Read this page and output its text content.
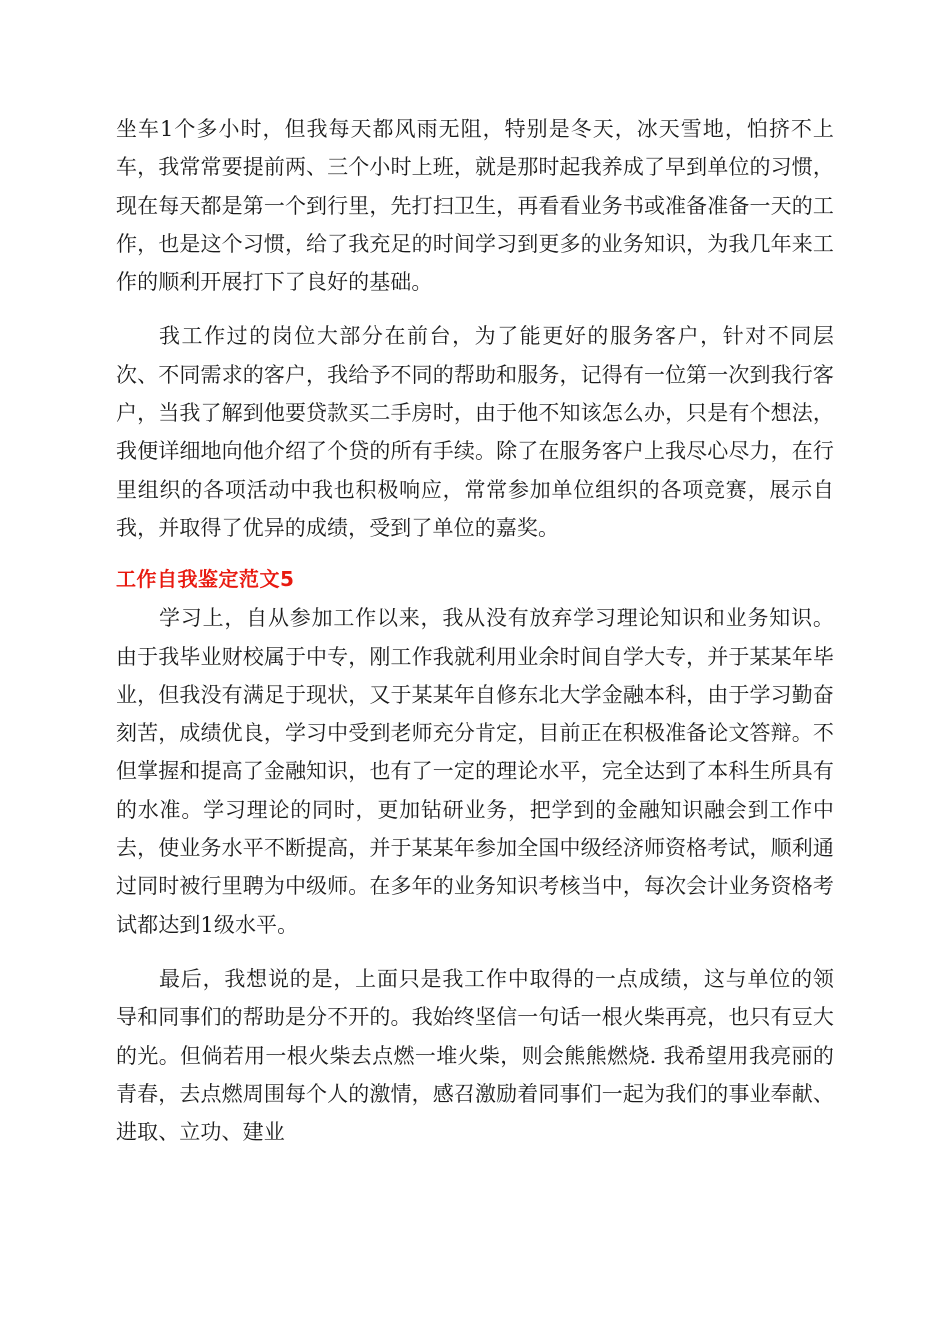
坐车1个多小时，但我每天都风雨无阻，特别是冬天，冰天雪地，怕挤不上车，我常常要提前两、三个小时上班，就是那时起我养成了早到单位的习惯，现在每天都是第一个到行里，先打扫卫生，再看看业务书或准备准备一天的工作，也是这个习惯，给了我充足的时间学习到更多的业务知识，为我几年来工作的顺利开展打下了良好的基础。

我工作过的岗位大部分在前台，为了能更好的服务客户，针对不同层次、不同需求的客户，我给予不同的帮助和服务，记得有一位第一次到我行客户，当我了解到他要贷款买二手房时，由于他不知该怎么办，只是有个想法，我便详细地向他介绍了个贷的所有手续。除了在服务客户上我尽心尽力，在行里组织的各项活动中我也积极响应，常常参加单位组织的各项竞赛，展示自我，并取得了优异的成绩，受到了单位的嘉奖。

工作自我鉴定范文5

学习上，自从参加工作以来，我从没有放弃学习理论知识和业务知识。由于我毕业财校属于中专，刚工作我就利用业余时间自学大专，并于某某年毕业，但我没有满足于现状，又于某某年自修东北大学金融本科，由于学习勤奋刻苦，成绩优良，学习中受到老师充分肯定，目前正在积极准备论文答辩。不但掌握和提高了金融知识，也有了一定的理论水平，完全达到了本科生所具有的水准。学习理论的同时，更加钻研业务，把学到的金融知识融会到工作中去，使业务水平不断提高，并于某某年参加全国中级经济师资格考试，顺利通过同时被行里聘为中级师。在多年的业务知识考核当中，每次会计业务资格考试都达到1级水平。

最后，我想说的是，上面只是我工作中取得的一点成绩，这与单位的领导和同事们的帮助是分不开的。我始终坚信一句话一根火柴再亮，也只有豆大的光。但倘若用一根火柴去点燃一堆火柴，则会熊熊燃烧. 我希望用我亮丽的青春，去点燃周围每个人的激情，感召激励着同事们一起为我们的事业奉献、进取、立功、建业
